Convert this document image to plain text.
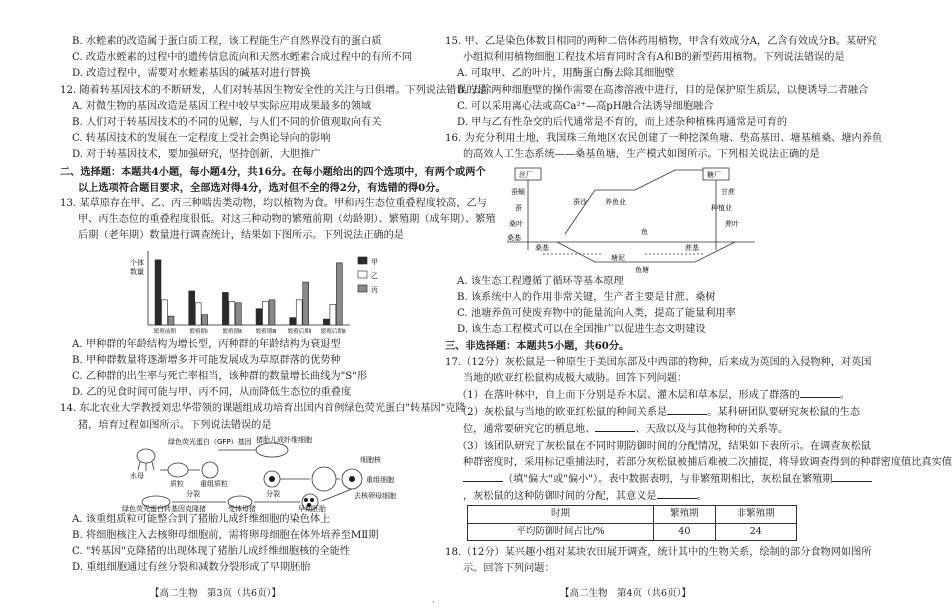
B. 水蛭素的改造属于蛋白质工程，该工程能生产自然界没有的蛋白质
C. 改造水蛭素的过程中的遗传信息流向和天然水蛭素合成过程中的有所不同
D. 改造过程中，需要对水蛭素基因的碱基对进行替换
12. 随着转基因技术的不断研发，人们对转基因生物安全性的关注与日俱增。下列说法错误的是
A. 对微生物的基因改造是基因工程中较早实际应用成果最多的领域
B. 人们对于转基因技术的不同的见解，与人们不同的价值观取向有关
C. 转基因技术的发展在一定程度上受社会舆论导向的影响
D. 对于转基因技术，要加强研究，坚持创新，大胆推广
二、选择题：本题共4小题，每小题4分，共16分。在每小题给出的四个选项中，有两个或两个
以上选项符合题目要求，全部选对得4分，选对但不全的得2分，有选错的得0分。
13. 某草原存在甲、乙、丙三种啮齿类动物，均以植物为食。甲和丙生态位重叠程度较高，乙与
甲、丙生态位的重叠程度很低。对这三种动物的繁殖前期（幼龄期）、繁殖期（成年期）、繁殖
后期（老年期）数量进行调查统计，结果如下图所示。下列说法正确的是
个体
数量
繁殖前期 繁殖期Ⅰ	繁殖期Ⅱ 繁殖期Ⅲ 繁殖后期Ⅰ 繁殖后期Ⅱ
甲
乙
丙
A. 甲种群的年龄结构为增长型，丙种群的年龄结构为衰退型
B. 甲种群数量将逐渐增多并可能发展成为草原群落的优势种
C. 乙种群的出生率与死亡率相当，该种群的数量增长曲线为"S"形
D. 乙的见食时间可能与甲、丙不同，从而降低生态位的重叠度
14. 东北农业大学教授刘忠华带领的课题组成功培育出国内首例绿色荧光蛋白"转基因"克隆
猪，培育过程如图所示。下列说法错误的是
绿色荧光蛋白（GFP）基因 猪胎儿成纤维细胞
水母
质粒 重组质粒
细胞核
重组细胞
分裂	分裂
绿色荧光蛋白转基因克隆猪	受体母猪	早期胚胎
去核卵母细胞
A. 该重组质粒可能整合到了猪胎儿成纤维细胞的染色体上
B. 将细胞核注入去核卵母细胞前，需将卵母细胞在体外培养至MⅡ期
C. "转基因"克隆猪的出现体现了猪胎儿成纤维细胞核的全能性
D. 重组细胞通过有丝分裂和减数分裂形成了早期胚胎
15. 甲、乙是染色体数目相同的两种二倍体药用植物，甲含有效成分A，乙含有效成分B。某研究
小组拟利用植物细胞工程技术培育同时含有A和B的新型药用植物。下列说法错误的是
A. 可取甲、乙的叶片，用酶蛋白酶去除其细胞壁
B. 去除两种细胞壁的操作需要在高渗溶液中进行，目的是保护原生质层，以便诱导二者融合
C. 可以采用离心法或高Ca²⁺—高pH融合法诱导细胞融合
D. 甲与乙有性杂交的后代通常是不育的，而上述杂种植株再通常是可育的
16. 为充分利用土地，我国珠三角地区农民创建了一种挖深鱼塘、垫高基田、塘基植桑、塘内养鱼
的高效人工生态系统——桑基鱼塘，生产模式如图所示。下列相关说法正确的是
丝厂	糖厂
蚕蛹	甘蔗
蚕
蚕沙	养鱼业
种植业
鱼
桑叶	蔗叶
桑基	蔗基
塘泥
鱼塘
桑基
A. 该生态工程遵循了循环等基本原理
B. 该系统中人的作用非常关键，生产者主要是甘蔗、桑树
C. 池塘养鱼可使废弃物中的能量流向人类，提高了能量利用率
D. 该生态工程模式可以在全国推广以促进生态文明建设
三、非选择题：本题共5小题，共60分。
17.（12分）灰松鼠是一种原生于美国东部及中西部的物种，后来成为英国的入侵物种，对英国
当地的欧亚红松鼠构成极大威胁。回答下列问题：
（1）在落叶林中，自上而下分别是乔木层、灌木层和草本层，形成了群落的	。
（2）灰松鼠与当地的欧亚红松鼠的种间关系是	。某科研团队要研究灰松鼠的生态
位，通常要研究它的栖息地、	、天敌以及与其他物种的关系等。
（3）该团队研究了灰松鼠在不同时期防御时间的分配情况，结果如下表所示。在调查灰松鼠
种群密度时，采用标记重捕法时，若部分灰松鼠被捕后难被二次捕捉，将导致调查得到的种群密度值比真实值
（填"偏大"或"偏小"）。表中数据表明，与非繁殖期相比，灰松鼠在繁殖期
，灰松鼠的这种防御时间的分配，其意义是	。
时期	繁殖期	非繁殖期
平均防御时间占比/%	40	24
18.（12分）某兴趣小组对某块农田展开调查，统计其中的生物关系，绘制的部分食物网如图所
示。回答下列问题：
【高二生物　第3页（共6页）】	【高二生物　第4页（共6页）】
·
